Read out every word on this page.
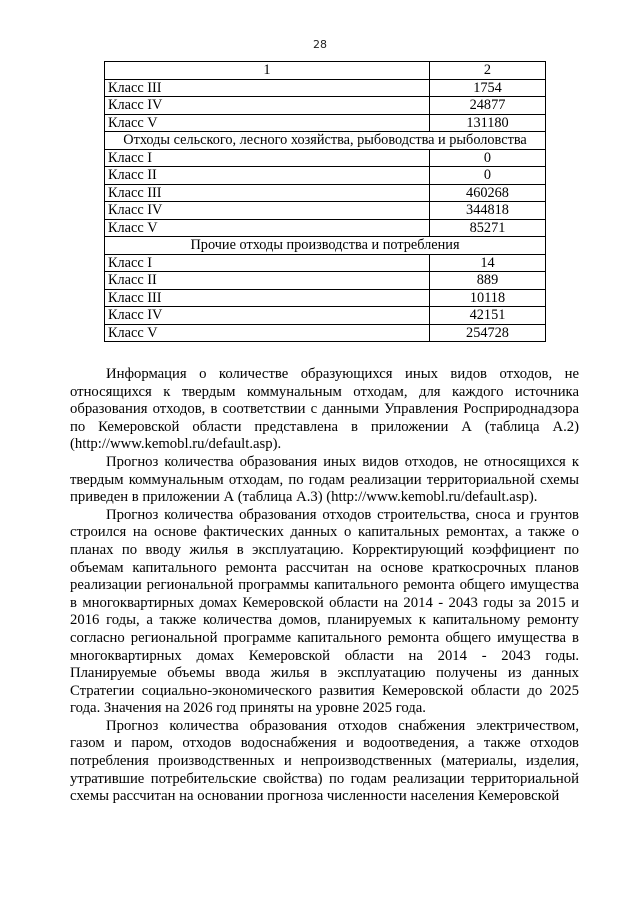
28
1	2
Класс III	1754
Класс IV	24877
Класс V	131180
Отходы сельского, лесного хозяйства, рыбоводства и рыболовства	
Класс I	0
Класс II	0
Класс III	460268
Класс IV	344818
Класс V	85271
Прочие отходы производства и потребления	
Класс I	14
Класс II	889
Класс III	10118
Класс IV	42151
Класс V	254728

Информация о количестве образующихся иных видов отходов, не относящихся к твердым коммунальным отходам, для каждого источника образования отходов, в соответствии с данными Управления Росприроднадзора по Кемеровской области представлена в приложении А (таблица А.2) (http://www.kemobl.ru/default.asp).

Прогноз количества образования иных видов отходов, не относящихся к твердым коммунальным отходам, по годам реализации территориальной схемы приведен в приложении А (таблица А.3) (http://www.kemobl.ru/default.asp).

Прогноз количества образования отходов строительства, сноса и грунтов строился на основе фактических данных о капитальных ремонтах, а также о планах по вводу жилья в эксплуатацию. Корректирующий коэффициент по объемам капитального ремонта рассчитан на основе краткосрочных планов реализации региональной программы капитального ремонта общего имущества в многоквартирных домах Кемеровской области на 2014 - 2043 годы за 2015 и 2016 годы, а также количества домов, планируемых к капитальному ремонту согласно региональной программе капитального ремонта общего имущества в многоквартирных домах Кемеровской области на 2014 - 2043 годы. Планируемые объемы ввода жилья в эксплуатацию получены из данных Стратегии социально-экономического развития Кемеровской области до 2025 года. Значения на 2026 год приняты на уровне 2025 года.

Прогноз количества образования отходов снабжения электричеством, газом и паром, отходов водоснабжения и водоотведения, а также отходов потребления производственных и непроизводственных (материалы, изделия, утратившие потребительские свойства) по годам реализации территориальной схемы рассчитан на основании прогноза численности населения Кемеровской
